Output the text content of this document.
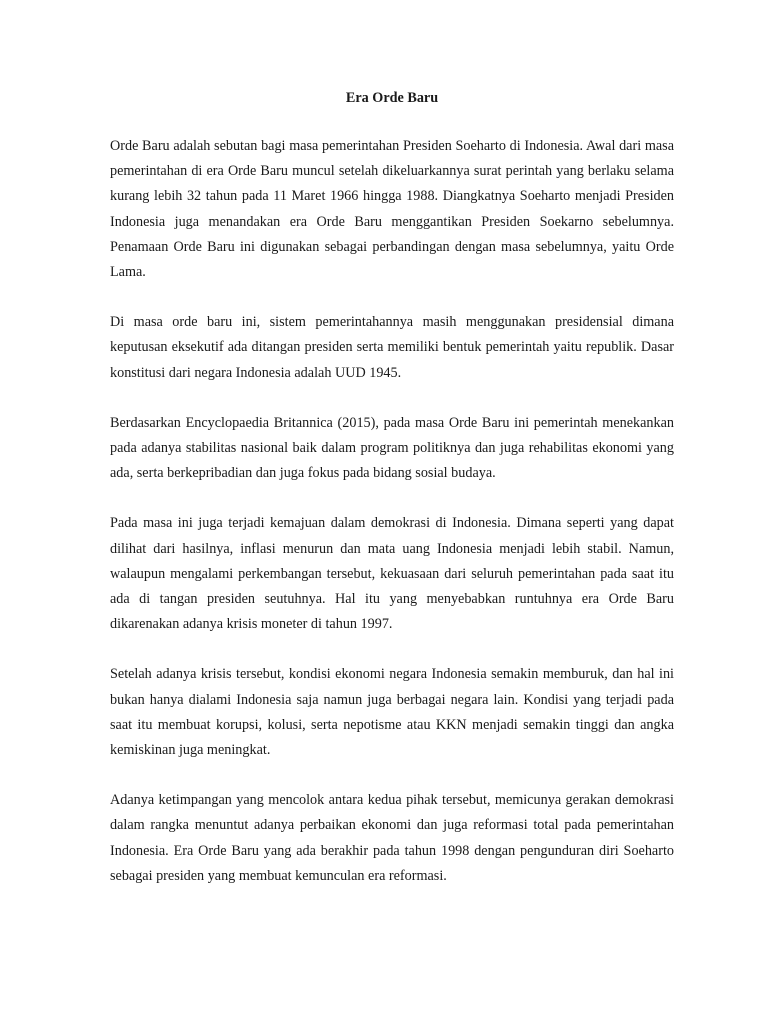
Era Orde Baru

Orde Baru adalah sebutan bagi masa pemerintahan Presiden Soeharto di Indonesia. Awal dari masa pemerintahan di era Orde Baru muncul setelah dikeluarkannya surat perintah yang berlaku selama kurang lebih 32 tahun pada 11 Maret 1966 hingga 1988. Diangkatnya Soeharto menjadi Presiden Indonesia juga menandakan era Orde Baru menggantikan Presiden Soekarno sebelumnya. Penamaan Orde Baru ini digunakan sebagai perbandingan dengan masa sebelumnya, yaitu Orde Lama.

Di masa orde baru ini, sistem pemerintahannya masih menggunakan presidensial dimana keputusan eksekutif ada ditangan presiden serta memiliki bentuk pemerintah yaitu republik. Dasar konstitusi dari negara Indonesia adalah UUD 1945.

Berdasarkan Encyclopaedia Britannica (2015), pada masa Orde Baru ini pemerintah menekankan pada adanya stabilitas nasional baik dalam program politiknya dan juga rehabilitas ekonomi yang ada, serta berkepribadian dan juga fokus pada bidang sosial budaya.

Pada masa ini juga terjadi kemajuan dalam demokrasi di Indonesia. Dimana seperti yang dapat dilihat dari hasilnya, inflasi menurun dan mata uang Indonesia menjadi lebih stabil. Namun, walaupun mengalami perkembangan tersebut, kekuasaan dari seluruh pemerintahan pada saat itu ada di tangan presiden seutuhnya. Hal itu yang menyebabkan runtuhnya era Orde Baru dikarenakan adanya krisis moneter di tahun 1997.

Setelah adanya krisis tersebut, kondisi ekonomi negara Indonesia semakin memburuk, dan hal ini bukan hanya dialami Indonesia saja namun juga berbagai negara lain. Kondisi yang terjadi pada saat itu membuat korupsi, kolusi, serta nepotisme atau KKN menjadi semakin tinggi dan angka kemiskinan juga meningkat.

Adanya ketimpangan yang mencolok antara kedua pihak tersebut, memicunya gerakan demokrasi dalam rangka menuntut adanya perbaikan ekonomi dan juga reformasi total pada pemerintahan Indonesia. Era Orde Baru yang ada berakhir pada tahun 1998 dengan pengunduran diri Soeharto sebagai presiden yang membuat kemunculan era reformasi.
